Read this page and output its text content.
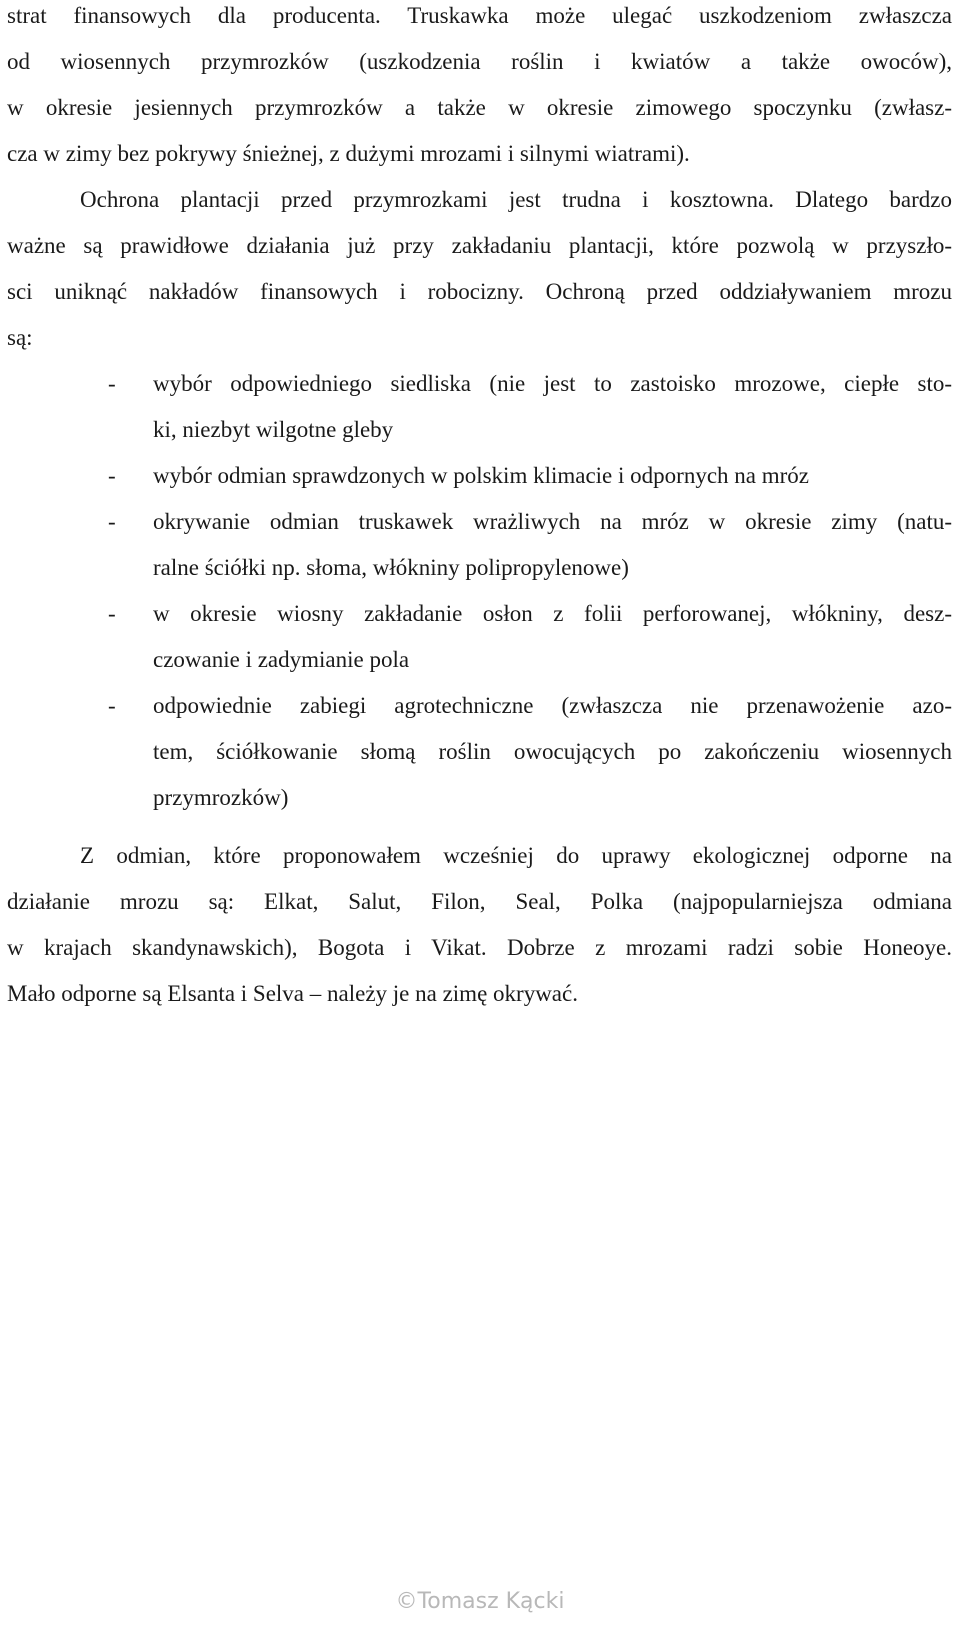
strat finansowych dla producenta. Truskawka może ulegać uszkodzeniom zwłaszcza
od wiosennych przymrozków (uszkodzenia roślin i kwiatów a także owoców),
w okresie jesiennych przymrozków a także w okresie zimowego spoczynku (zwłasz-
cza w zimy bez pokrywy śnieżnej, z dużymi mrozami i silnymi wiatrami).
Ochrona plantacji przed przymrozkami jest trudna i kosztowna. Dlatego bardzo
ważne są prawidłowe działania już przy zakładaniu plantacji, które pozwolą w przyszło-
sci uniknąć nakładów finansowych i robocizny. Ochroną przed oddziaływaniem mrozu
są:
- wybór odpowiedniego siedliska (nie jest to zastoisko mrozowe, ciepłe sto-
ki, niezbyt wilgotne gleby
- wybór odmian sprawdzonych w polskim klimacie i odpornych na mróz
- okrywanie odmian truskawek wrażliwych na mróz w okresie zimy (natu-
ralne ściółki np. słoma, włókniny polipropylenowe)
- w okresie wiosny zakładanie osłon z folii perforowanej, włókniny, desz-
czowanie i zadymianie pola
- odpowiednie zabiegi agrotechniczne (zwłaszcza nie przenawożenie azo-
tem, ściółkowanie słomą roślin owocujących po zakończeniu wiosennych
przymrozków)
Z odmian, które proponowałem wcześniej do uprawy ekologicznej odporne na
działanie mrozu są: Elkat, Salut, Filon, Seal, Polka (najpopularniejsza odmiana
w krajach skandynawskich), Bogota i Vikat. Dobrze z mrozami radzi sobie Honeoye.
Mało odporne są Elsanta i Selva – należy je na zimę okrywać.
©Tomasz Kącki
